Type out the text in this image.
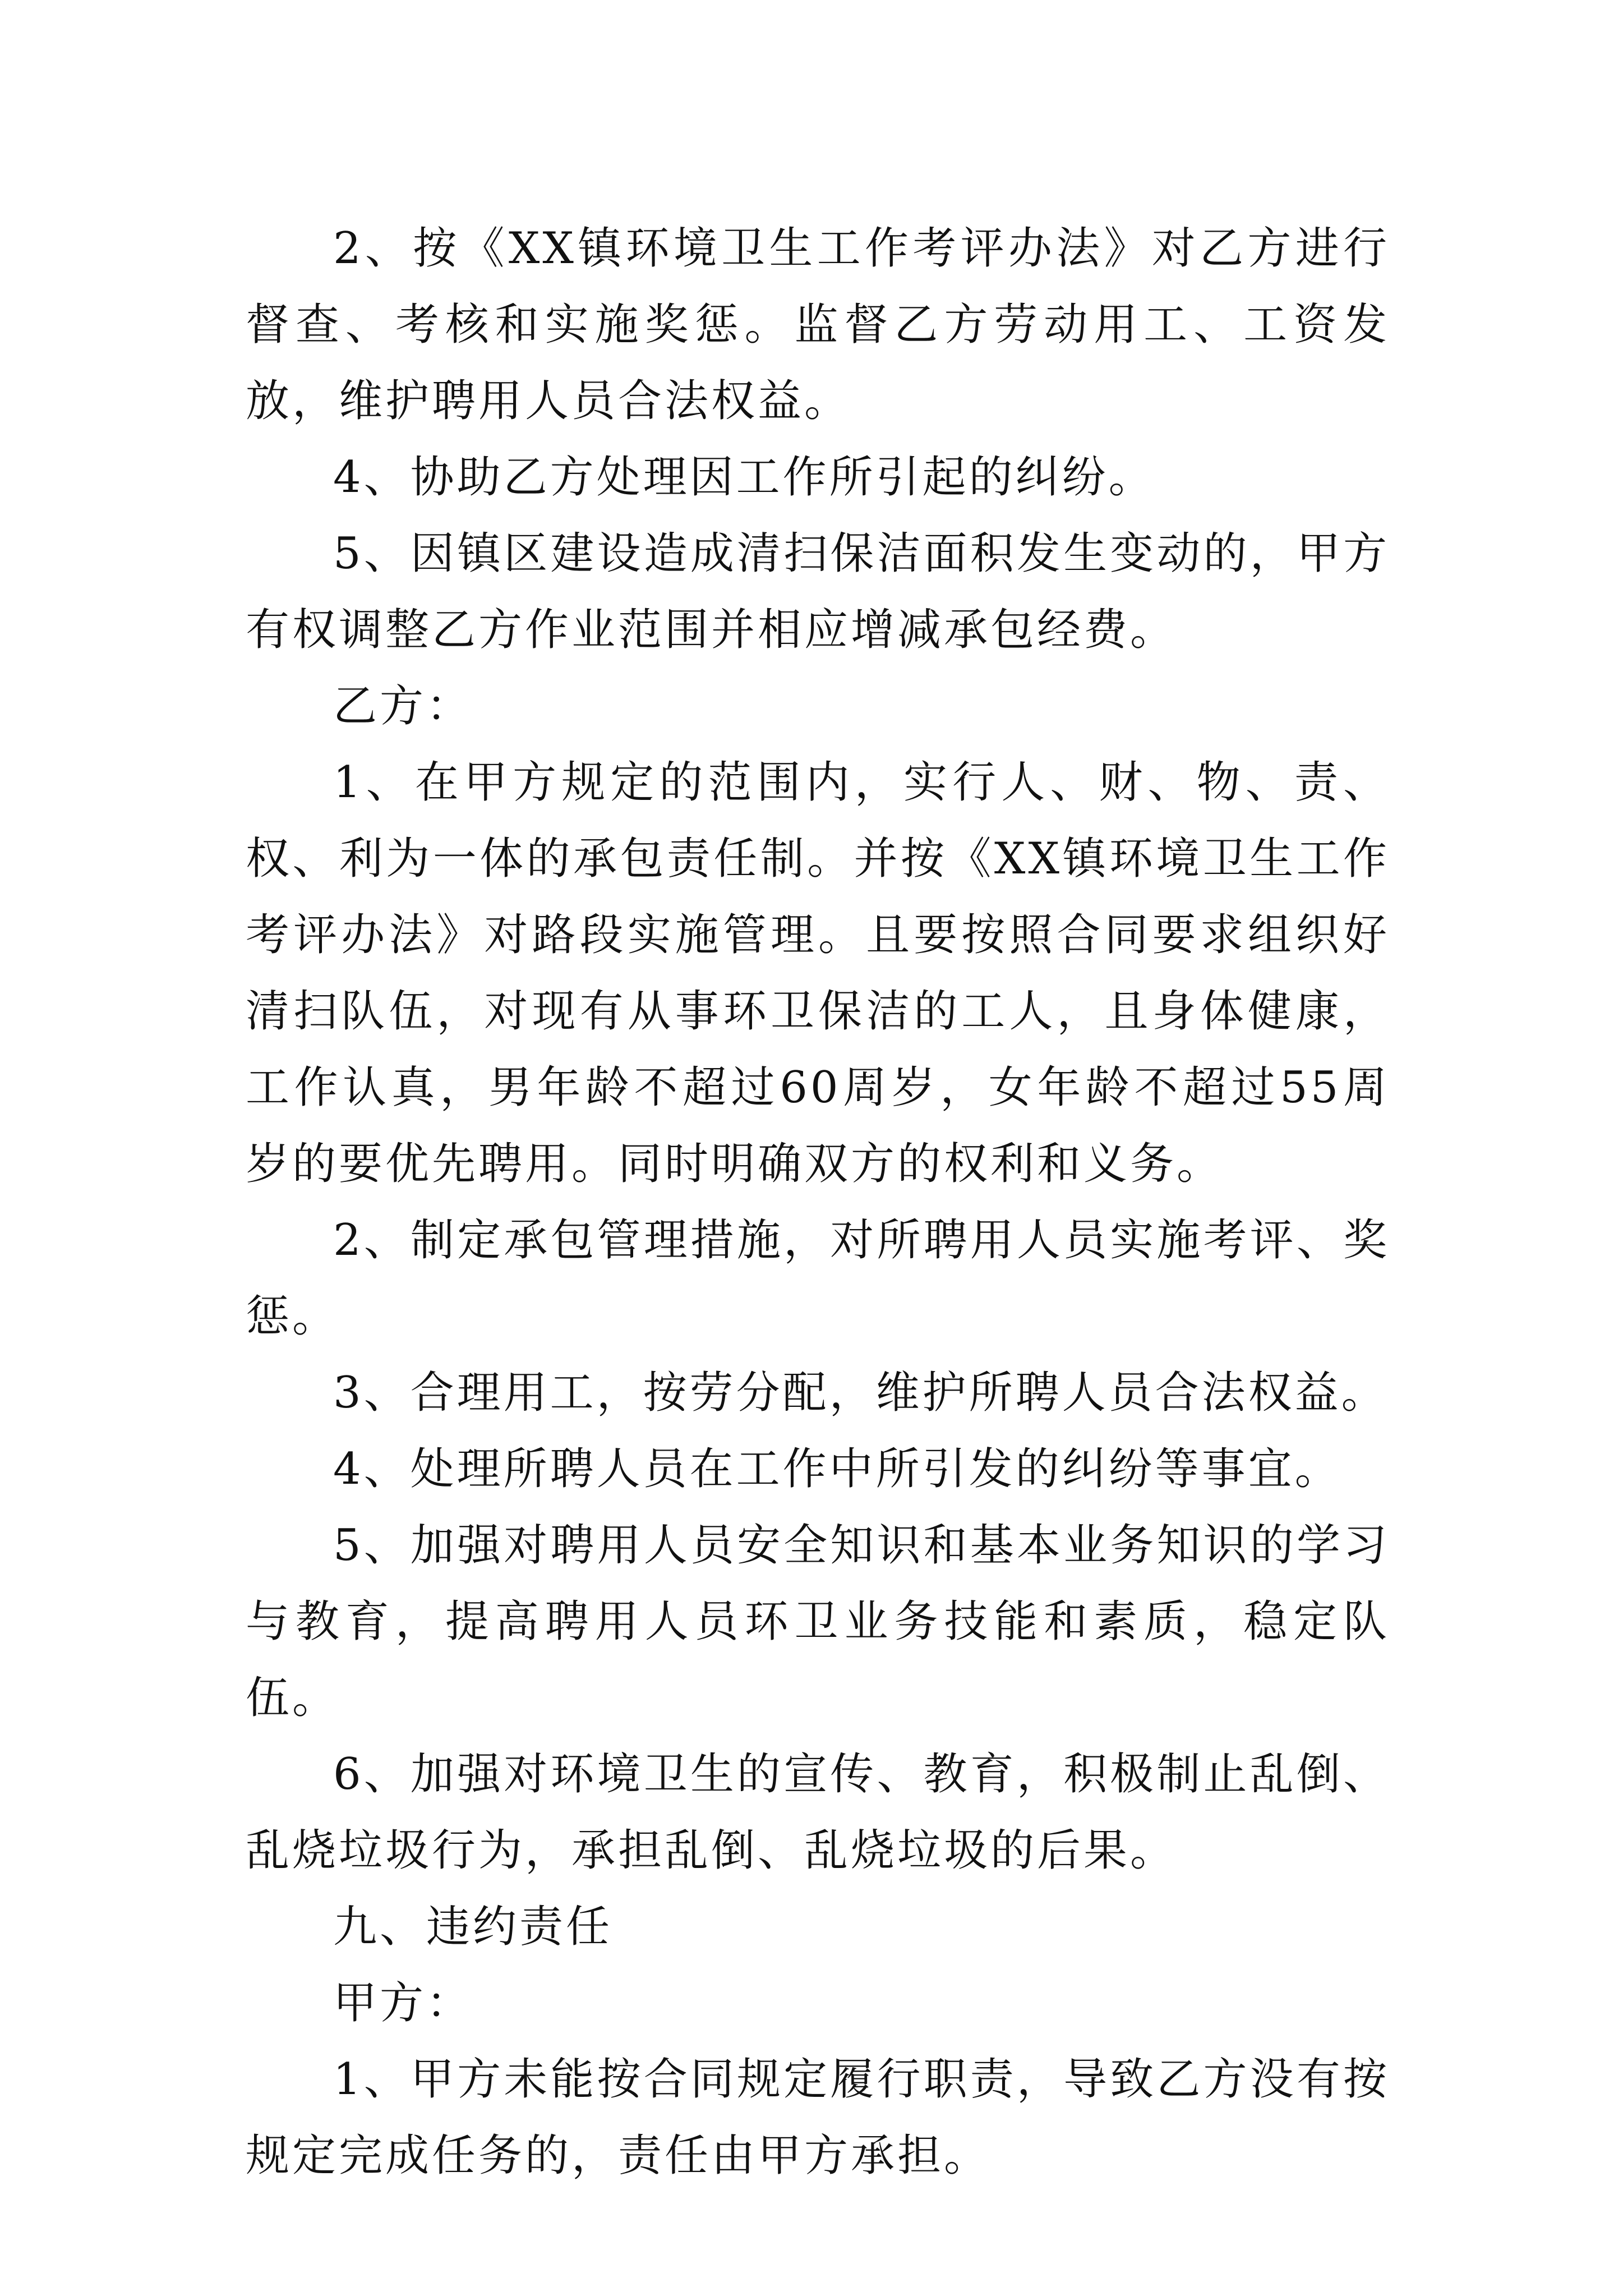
2、按《XX镇环境卫生工作考评办法》对乙方进行督查、考核和实施奖惩。监督乙方劳动用工、工资发放，维护聘用人员合法权益。

4、协助乙方处理因工作所引起的纠纷。

5、因镇区建设造成清扫保洁面积发生变动的，甲方有权调整乙方作业范围并相应增减承包经费。

乙方：

1、在甲方规定的范围内，实行人、财、物、责、权、利为一体的承包责任制。并按《XX镇环境卫生工作考评办法》对路段实施管理。且要按照合同要求组织好清扫队伍，对现有从事环卫保洁的工人，且身体健康，工作认真，男年龄不超过60周岁，女年龄不超过55周岁的要优先聘用。同时明确双方的权利和义务。

2、制定承包管理措施，对所聘用人员实施考评、奖惩。

3、合理用工，按劳分配，维护所聘人员合法权益。

4、处理所聘人员在工作中所引发的纠纷等事宜。

5、加强对聘用人员安全知识和基本业务知识的学习与教育，提高聘用人员环卫业务技能和素质，稳定队伍。

6、加强对环境卫生的宣传、教育，积极制止乱倒、乱烧垃圾行为，承担乱倒、乱烧垃圾的后果。

九、违约责任

甲方：

1、甲方未能按合同规定履行职责，导致乙方没有按规定完成任务的，责任由甲方承担。
